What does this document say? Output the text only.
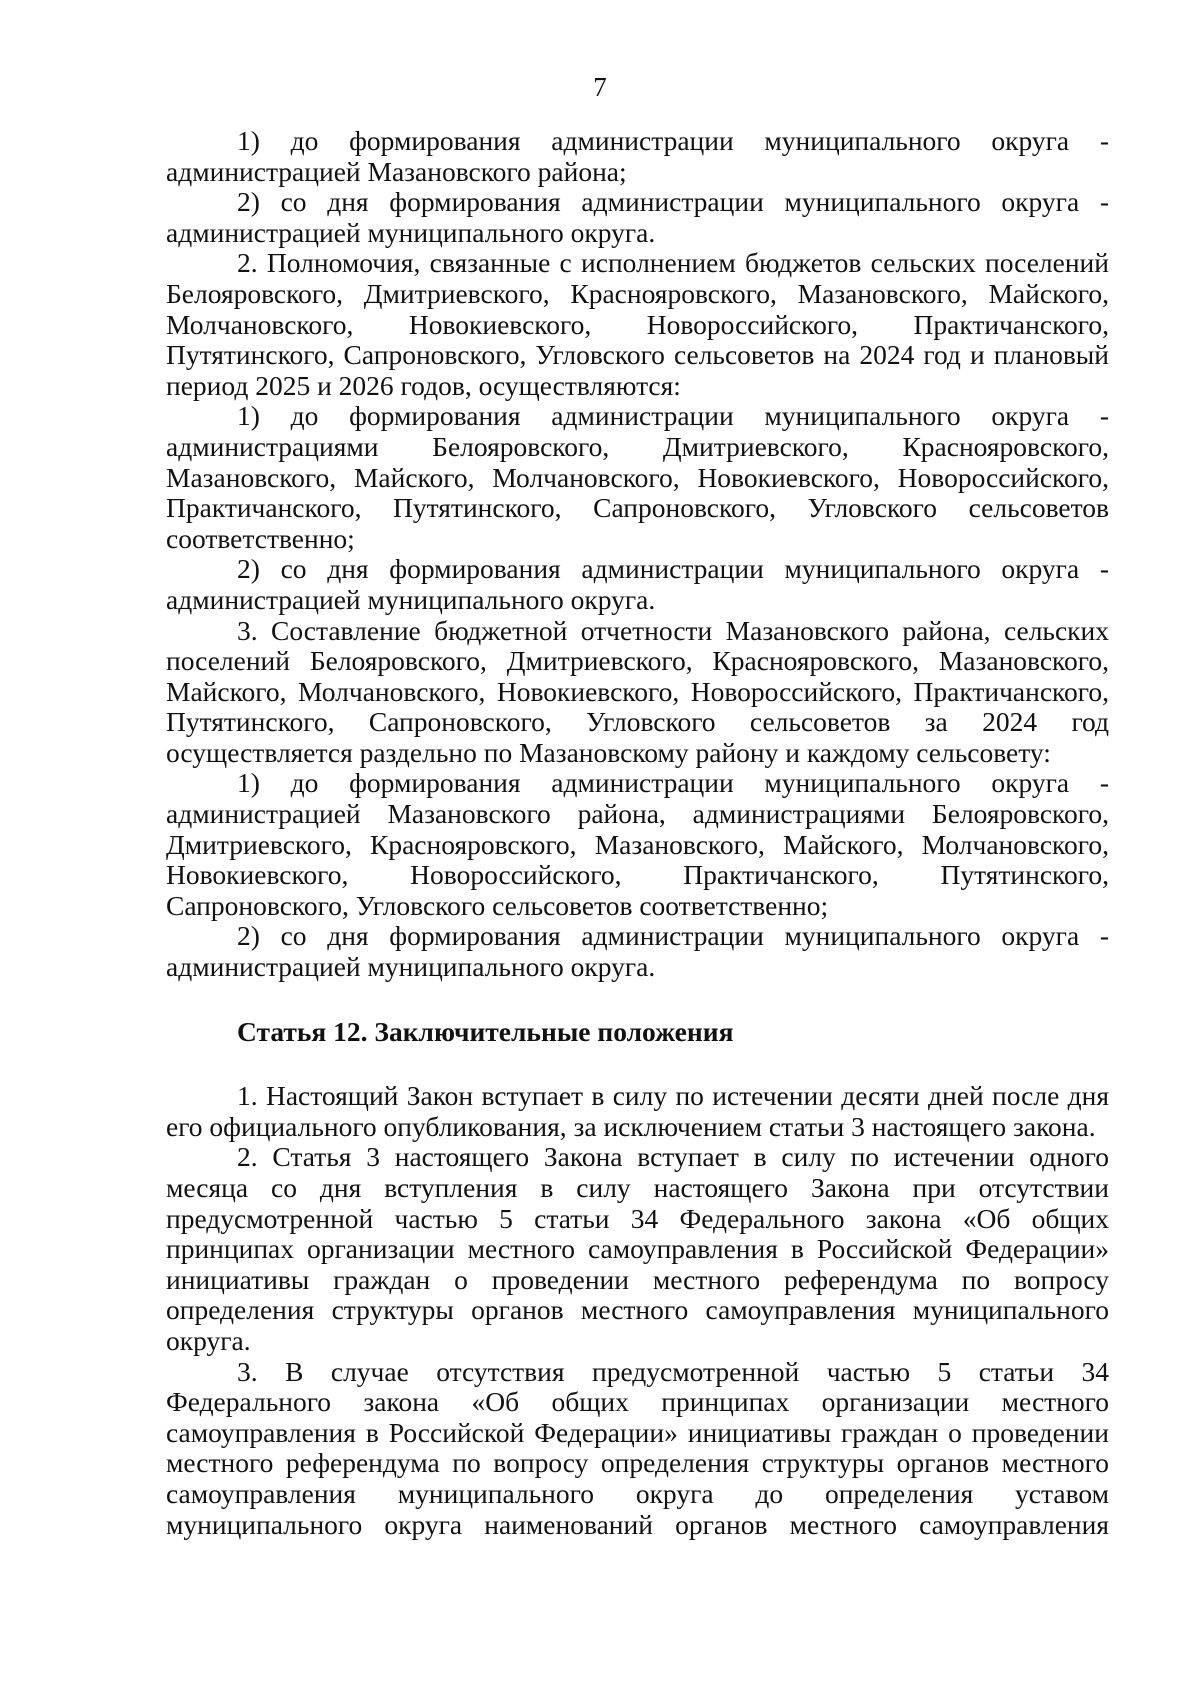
7

1) до формирования администрации муниципального округа - администрацией Мазановского района;

2) со дня формирования администрации муниципального округа - администрацией муниципального округа.

2. Полномочия, связанные с исполнением бюджетов сельских поселений Белояровского, Дмитриевского, Краснояровского, Мазановского, Майского, Молчановского, Новокиевского, Новороссийского, Практичанского, Путятинского, Сапроновского, Угловского сельсоветов на 2024 год и плановый период 2025 и 2026 годов, осуществляются:

1) до формирования администрации муниципального округа - администрациями Белояровского, Дмитриевского, Краснояровского, Мазановского, Майского, Молчановского, Новокиевского, Новороссийского, Практичанского, Путятинского, Сапроновского, Угловского сельсоветов соответственно;

2) со дня формирования администрации муниципального округа - администрацией муниципального округа.

3. Составление бюджетной отчетности Мазановского района, сельских поселений Белояровского, Дмитриевского, Краснояровского, Мазановского, Майского, Молчановского, Новокиевского, Новороссийского, Практичанского, Путятинского, Сапроновского, Угловского сельсоветов за 2024 год осуществляется раздельно по Мазановскому району и каждому сельсовету:

1) до формирования администрации муниципального округа - администрацией Мазановского района, администрациями Белояровского, Дмитриевского, Краснояровского, Мазановского, Майского, Молчановского, Новокиевского, Новороссийского, Практичанского, Путятинского, Сапроновского, Угловского сельсоветов соответственно;

2) со дня формирования администрации муниципального округа - администрацией муниципального округа.

Статья 12. Заключительные положения

1. Настоящий Закон вступает в силу по истечении десяти дней после дня его официального опубликования, за исключением статьи 3 настоящего закона.

2. Статья 3 настоящего Закона вступает в силу по истечении одного месяца со дня вступления в силу настоящего Закона при отсутствии предусмотренной частью 5 статьи 34 Федерального закона «Об общих принципах организации местного самоуправления в Российской Федерации» инициативы граждан о проведении местного референдума по вопросу определения структуры органов местного самоуправления муниципального округа.

3. В случае отсутствия предусмотренной частью 5 статьи 34 Федерального закона «Об общих принципах организации местного самоуправления в Российской Федерации» инициативы граждан о проведении местного референдума по вопросу определения структуры органов местного самоуправления муниципального округа до определения уставом муниципального округа наименований органов местного самоуправления
